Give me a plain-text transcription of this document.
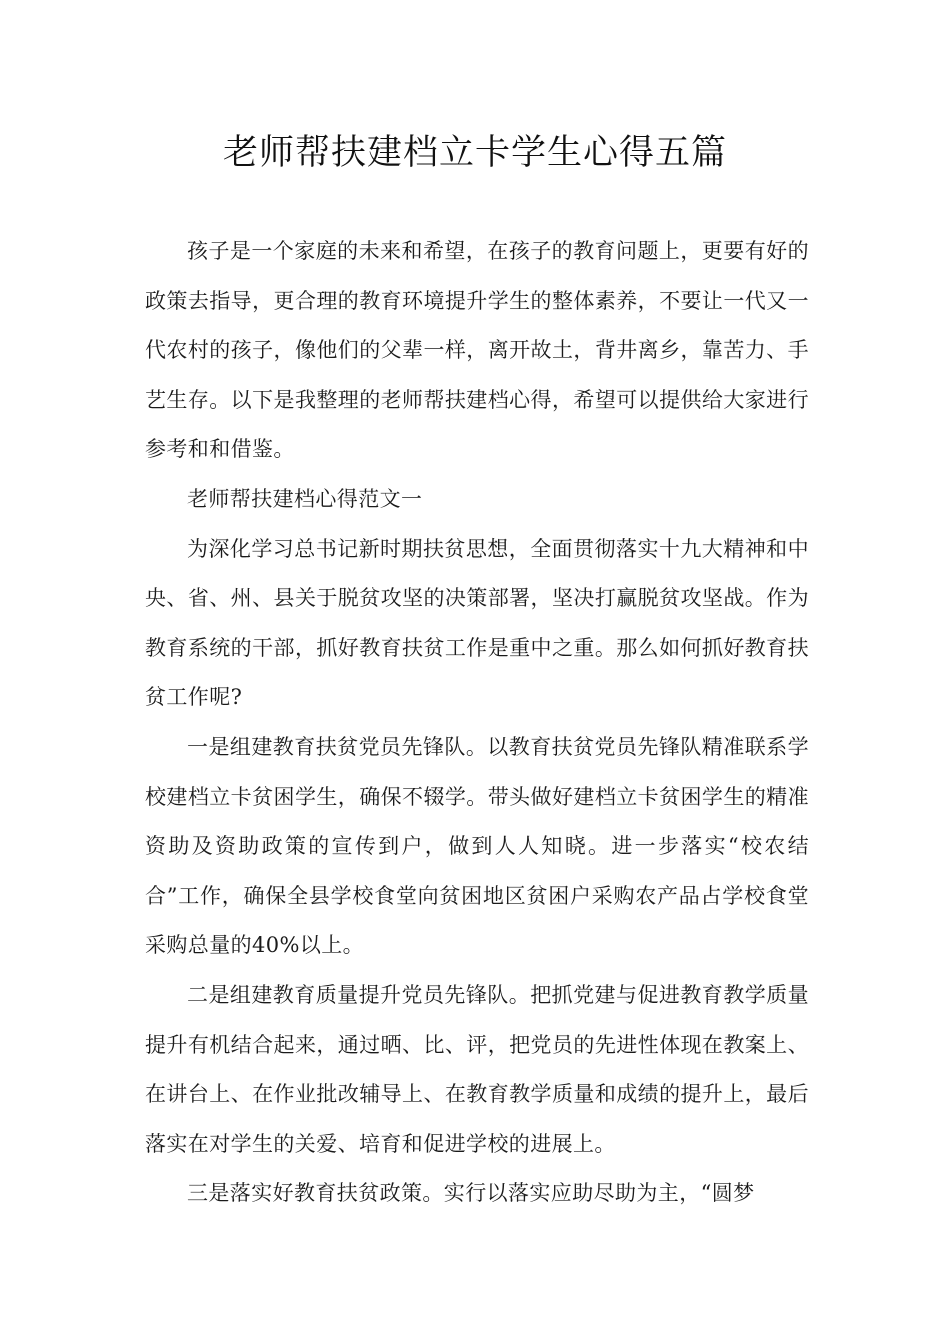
老师帮扶建档立卡学生心得五篇

孩子是一个家庭的未来和希望，在孩子的教育问题上，更要有好的政策去指导，更合理的教育环境提升学生的整体素养，不要让一代又一代农村的孩子，像他们的父辈一样，离开故土，背井离乡，靠苦力、手艺生存。以下是我整理的老师帮扶建档心得，希望可以提供给大家进行参考和和借鉴。

老师帮扶建档心得范文一

为深化学习总书记新时期扶贫思想，全面贯彻落实十九大精神和中央、省、州、县关于脱贫攻坚的决策部署，坚决打赢脱贫攻坚战。作为教育系统的干部，抓好教育扶贫工作是重中之重。那么如何抓好教育扶贫工作呢?

一是组建教育扶贫党员先锋队。以教育扶贫党员先锋队精准联系学校建档立卡贫困学生，确保不辍学。带头做好建档立卡贫困学生的精准资助及资助政策的宣传到户，做到人人知晓。进一步落实“校农结合”工作，确保全县学校食堂向贫困地区贫困户采购农产品占学校食堂采购总量的40%以上。

二是组建教育质量提升党员先锋队。把抓党建与促进教育教学质量提升有机结合起来，通过晒、比、评，把党员的先进性体现在教案上、在讲台上、在作业批改辅导上、在教育教学质量和成绩的提升上，最后落实在对学生的关爱、培育和促进学校的进展上。

三是落实好教育扶贫政策。实行以落实应助尽助为主，“圆梦
